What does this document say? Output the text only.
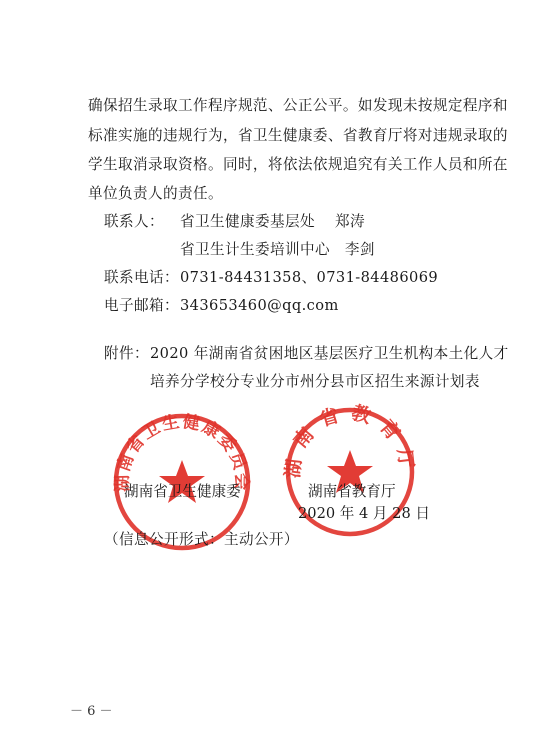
确保招生录取工作程序规范、公正公平。如发现未按规定程序和
标准实施的违规行为，省卫生健康委、省教育厅将对违规录取的
学生取消录取资格。同时，将依法依规追究有关工作人员和所在
单位负责人的责任。
联系人： 省卫生健康委基层处　 郑涛
省卫生计生委培训中心　李剑
联系电话： 0731-84431358、0731-84486069
电子邮箱： 343653460@qq.com
附件： 2020 年湖南省贫困地区基层医疗卫生机构本土化人才
培养分学校分专业分市州分县市区招生来源计划表
湖南省卫生健康委员会
湖南省教育厅
湖南省卫生健康委	湖南省教育厅
2020 年 4 月 28 日
（信息公开形式：主动公开）
－ 6 －
